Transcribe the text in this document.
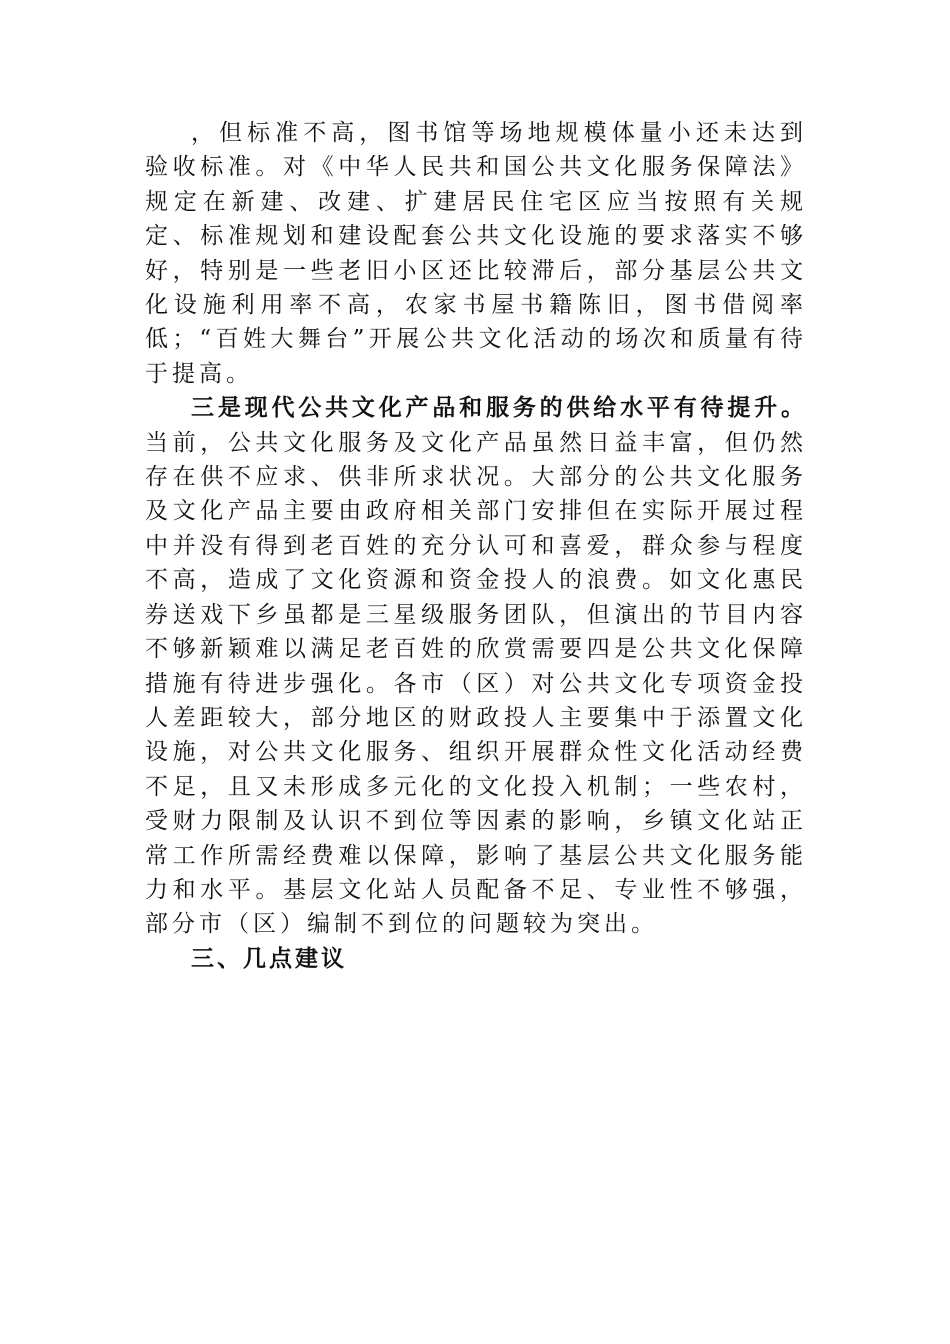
，但标准不高，图书馆等场地规模体量小还未达到验收标准。对《中华人民共和国公共文化服务保障法》规定在新建、改建、扩建居民住宅区应当按照有关规定、标准规划和建设配套公共文化设施的要求落实不够好，特别是一些老旧小区还比较滞后，部分基层公共文化设施利用率不高，农家书屋书籍陈旧，图书借阅率低；“百姓大舞台”开展公共文化活动的场次和质量有待于提高。

三是现代公共文化产品和服务的供给水平有待提升。当前，公共文化服务及文化产品虽然日益丰富，但仍然存在供不应求、供非所求状况。大部分的公共文化服务及文化产品主要由政府相关部门安排但在实际开展过程中并没有得到老百姓的充分认可和喜爱，群众参与程度不高，造成了文化资源和资金投人的浪费。如文化惠民券送戏下乡虽都是三星级服务团队，但演出的节目内容不够新颖难以满足老百姓的欣赏需要四是公共文化保障措施有待进步强化。各市（区）对公共文化专项资金投人差距较大，部分地区的财政投人主要集中于添置文化设施，对公共文化服务、组织开展群众性文化活动经费不足，且又未形成多元化的文化投入机制；一些农村，受财力限制及认识不到位等因素的影响，乡镇文化站正常工作所需经费难以保障，影响了基层公共文化服务能力和水平。基层文化站人员配备不足、专业性不够强，部分市（区）编制不到位的问题较为突出。

三、几点建议
